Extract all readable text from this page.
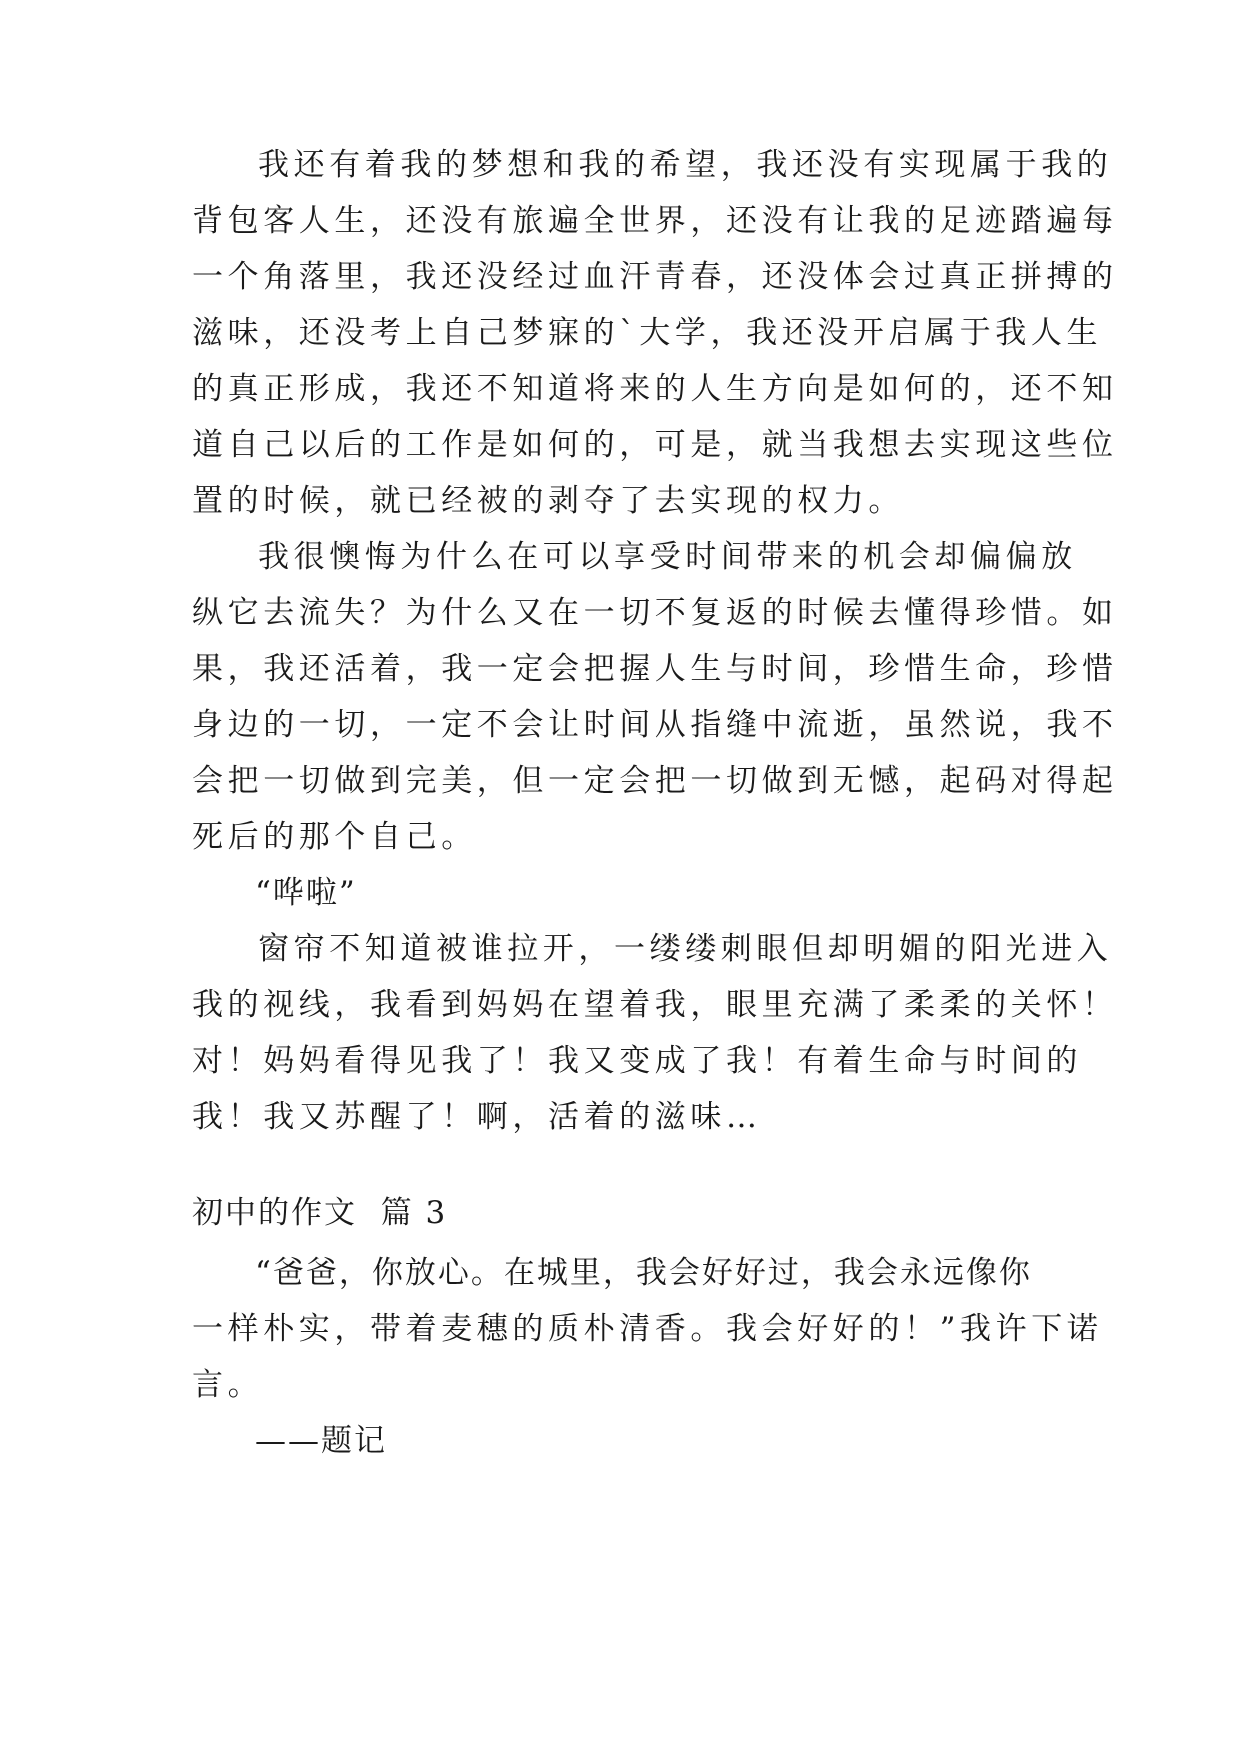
我还有着我的梦想和我的希望，我还没有实现属于我的
背包客人生，还没有旅遍全世界，还没有让我的足迹踏遍每
一个角落里，我还没经过血汗青春，还没体会过真正拼搏的
滋味，还没考上自己梦寐的`大学，我还没开启属于我人生
的真正形成，我还不知道将来的人生方向是如何的，还不知
道自己以后的工作是如何的，可是，就当我想去实现这些位
置的时候，就已经被的剥夺了去实现的权力。
我很懊悔为什么在可以享受时间带来的机会却偏偏放
纵它去流失？为什么又在一切不复返的时候去懂得珍惜。如
果，我还活着，我一定会把握人生与时间，珍惜生命，珍惜
身边的一切，一定不会让时间从指缝中流逝，虽然说，我不
会把一切做到完美，但一定会把一切做到无憾，起码对得起
死后的那个自己。
“哗啦”
窗帘不知道被谁拉开，一缕缕刺眼但却明媚的阳光进入
我的视线，我看到妈妈在望着我，眼里充满了柔柔的关怀！
对！妈妈看得见我了！我又变成了我！有着生命与时间的
我！我又苏醒了！啊，活着的滋味…
初中的作文  篇 3
“爸爸，你放心。在城里，我会好好过，我会永远像你
一样朴实，带着麦穗的质朴清香。我会好好的！”我许下诺
言。
——题记
